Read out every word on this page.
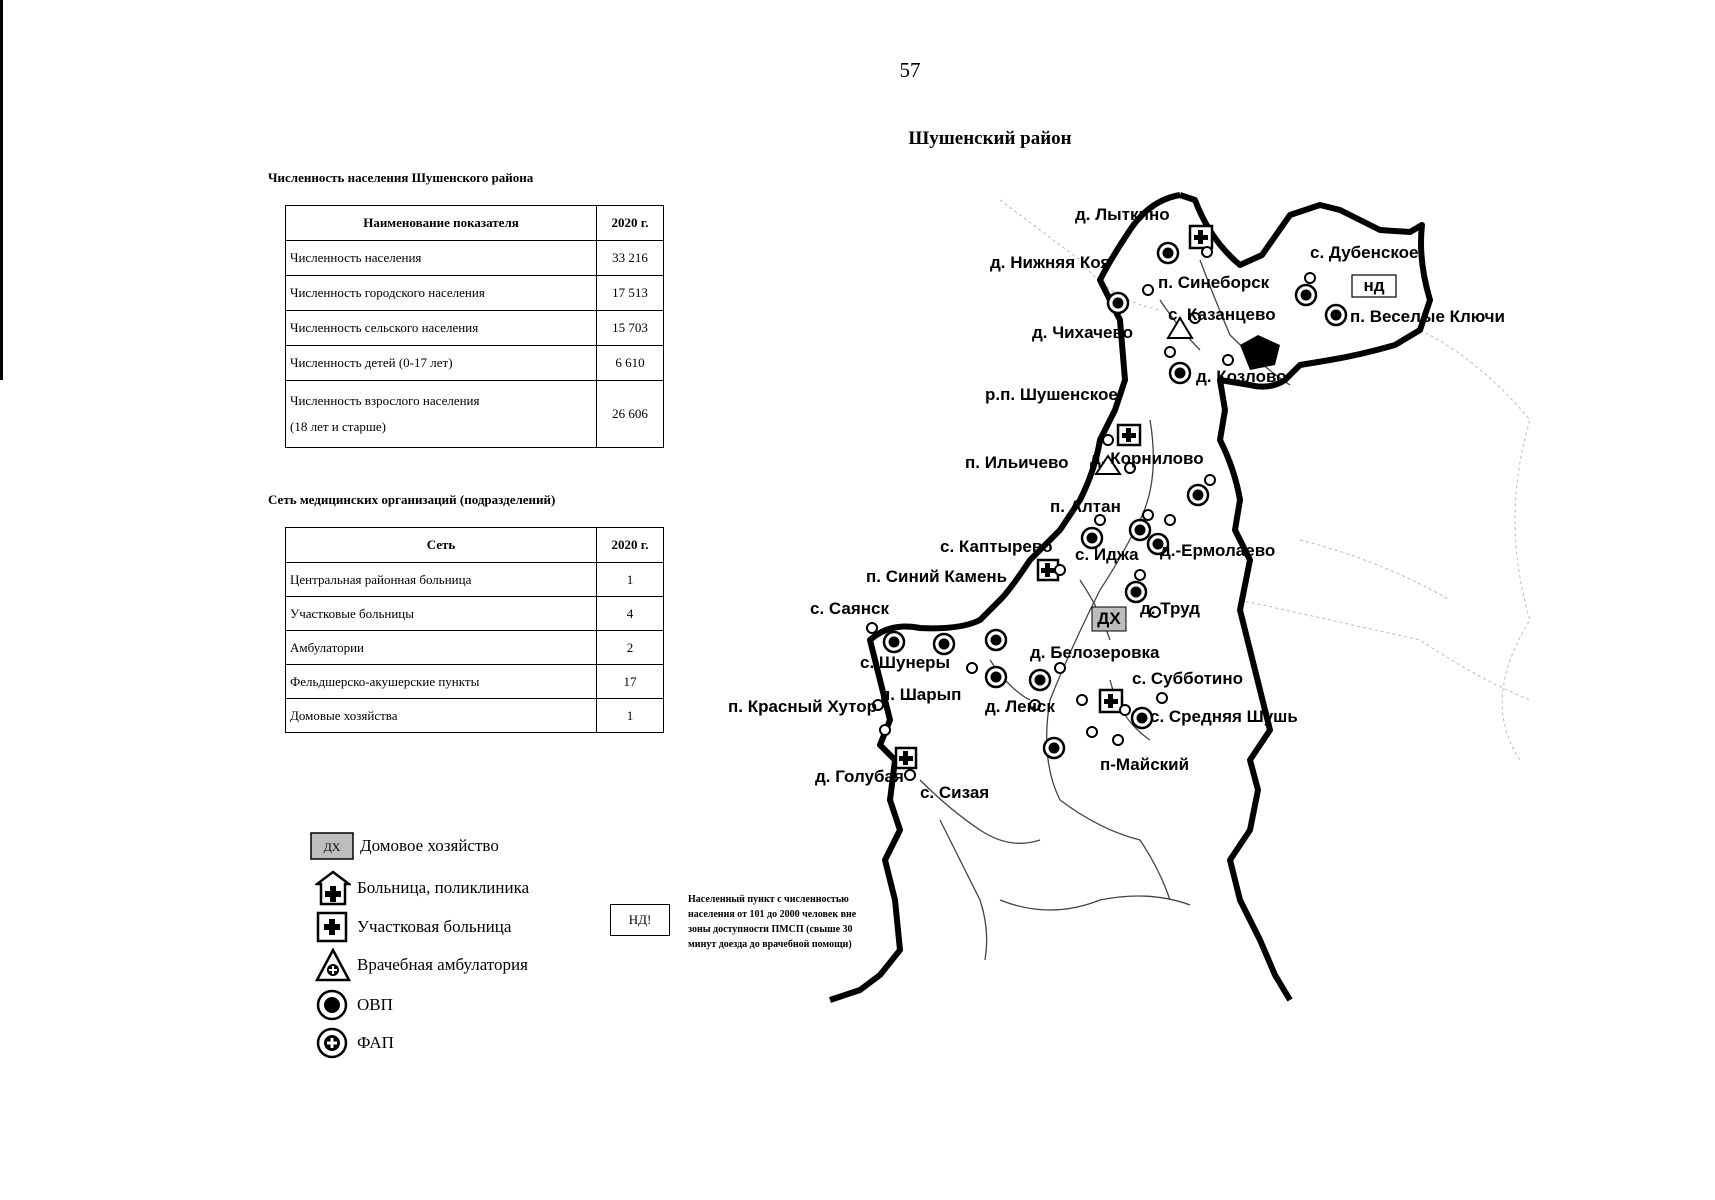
57
Шушенский район
Численность населения Шушенского района
Наименование показателя	2020 г.
Численность населения	33 216
Численность городского населения	17 513
Численность сельского населения	15 703
Численность детей (0-17 лет)	6 610

Численность взрослого населения
(18 лет и старше)	26 606
Сеть медицинских организаций (подразделений)
Сеть	2020 г.
Центральная районная больница	1
Участковые больницы	4
Амбулатории	2
Фельдшерско-акушерские пункты	17
Домовые хозяйства	1
ДХ Домовое хозяйство
Больница, поликлиника
Участковая больница
Врачебная амбулатория
ОВП
ФАП
НД!
Населенный пункт с численностью
населения от 101 до 2000 человек вне
зоны доступности ПМСП (свыше 30
минут доезда до врачебной помощи)
ДХ
нд
д. Лыткино
д. Нижняя Коя
п. Синеборск
с. Дубенское
с. Казанцево	п. Веселые Ключи
д. Чихачево
д. Козлово
р.п. Шушенское
п. Ильичево д. Корнилово
п. Алтан
с. Каптырево с. Иджа д.-Ермолаево
п. Синий Камень
с. Саянск	д. Труд
с. Шунеры
д. Белозеровка
с. Субботино
п. Красный Хутор
п. Шарып
д. Ленск
с. Средняя Шушь
д. Голубая
п-Майский
с. Сизая
